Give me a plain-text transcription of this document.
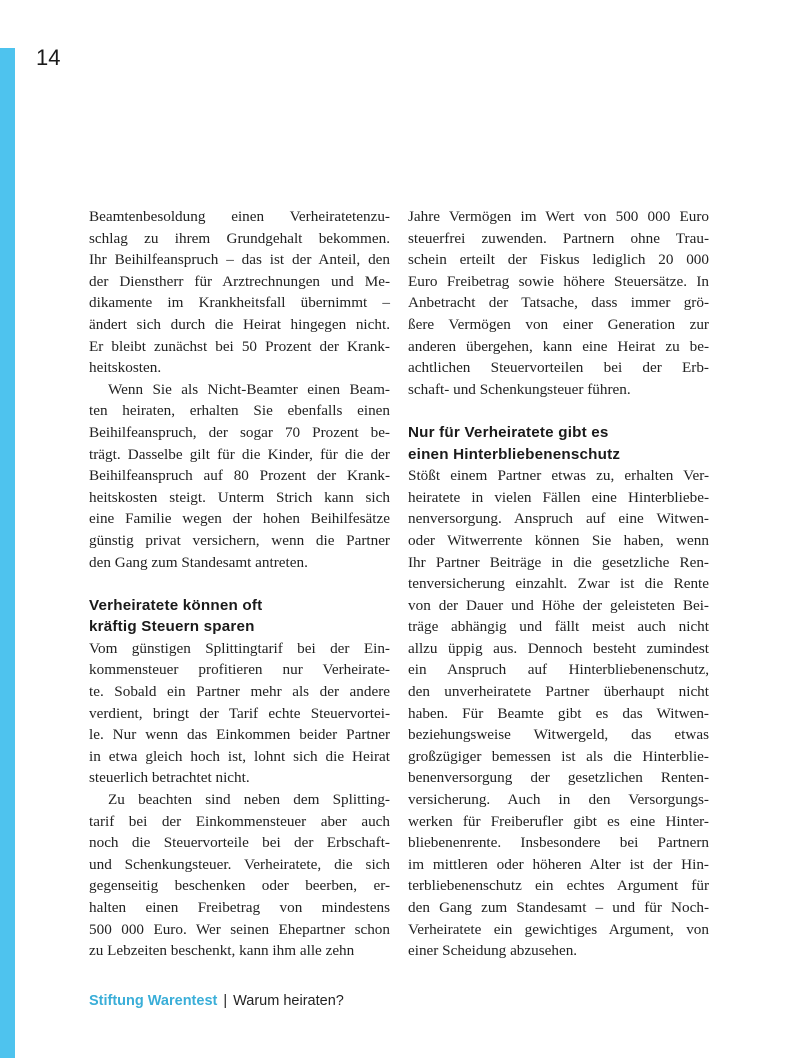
14
Beamtenbesoldung einen Verheiratetenzu-
schlag zu ihrem Grundgehalt bekommen.
Ihr Beihilfeanspruch – das ist der Anteil, den
der Dienstherr für Arztrechnungen und Me-
dikamente im Krankheitsfall übernimmt –
ändert sich durch die Heirat hingegen nicht.
Er bleibt zunächst bei 50 Prozent der Krank-
heitskosten.
Wenn Sie als Nicht-Beamter einen Beam-
ten heiraten, erhalten Sie ebenfalls einen
Beihilfeanspruch, der sogar 70 Prozent be-
trägt. Dasselbe gilt für die Kinder, für die der
Beihilfeanspruch auf 80 Prozent der Krank-
heitskosten steigt. Unterm Strich kann sich
eine Familie wegen der hohen Beihilfesätze
günstig privat versichern, wenn die Partner
den Gang zum Standesamt antreten.
Verheiratete können oft
kräftig Steuern sparen
Vom günstigen Splittingtarif bei der Ein-
kommensteuer profitieren nur Verheirate-
te. Sobald ein Partner mehr als der andere
verdient, bringt der Tarif echte Steuervortei-
le. Nur wenn das Einkommen beider Partner
in etwa gleich hoch ist, lohnt sich die Heirat
steuerlich betrachtet nicht.
Zu beachten sind neben dem Splitting-
tarif bei der Einkommensteuer aber auch
noch die Steuervorteile bei der Erbschaft-
und Schenkungsteuer. Verheiratete, die sich
gegenseitig beschenken oder beerben, er-
halten einen Freibetrag von mindestens
500 000 Euro. Wer seinen Ehepartner schon
zu Lebzeiten beschenkt, kann ihm alle zehn
Jahre Vermögen im Wert von 500 000 Euro
steuerfrei zuwenden. Partnern ohne Trau-
schein erteilt der Fiskus lediglich 20 000
Euro Freibetrag sowie höhere Steuersätze. In
Anbetracht der Tatsache, dass immer grö-
ßere Vermögen von einer Generation zur
anderen übergehen, kann eine Heirat zu be-
achtlichen Steuervorteilen bei der Erb-
schaft- und Schenkungsteuer führen.
Nur für Verheiratete gibt es
einen Hinterbliebenenschutz
Stößt einem Partner etwas zu, erhalten Ver-
heiratete in vielen Fällen eine Hinterbliebe-
nenversorgung. Anspruch auf eine Witwen-
oder Witwerrente können Sie haben, wenn
Ihr Partner Beiträge in die gesetzliche Ren-
tenversicherung einzahlt. Zwar ist die Rente
von der Dauer und Höhe der geleisteten Bei-
träge abhängig und fällt meist auch nicht
allzu üppig aus. Dennoch besteht zumindest
ein Anspruch auf Hinterbliebenenschutz,
den unverheiratete Partner überhaupt nicht
haben. Für Beamte gibt es das Witwen-
beziehungsweise Witwergeld, das etwas
großzügiger bemessen ist als die Hinterblie-
benenversorgung der gesetzlichen Renten-
versicherung. Auch in den Versorgungs-
werken für Freiberufler gibt es eine Hinter-
bliebenenrente. Insbesondere bei Partnern
im mittleren oder höheren Alter ist der Hin-
terbliebenenschutz ein echtes Argument für
den Gang zum Standesamt – und für Noch-
Verheiratete ein gewichtiges Argument, von
einer Scheidung abzusehen.
Stiftung Warentest | Warum heiraten?
